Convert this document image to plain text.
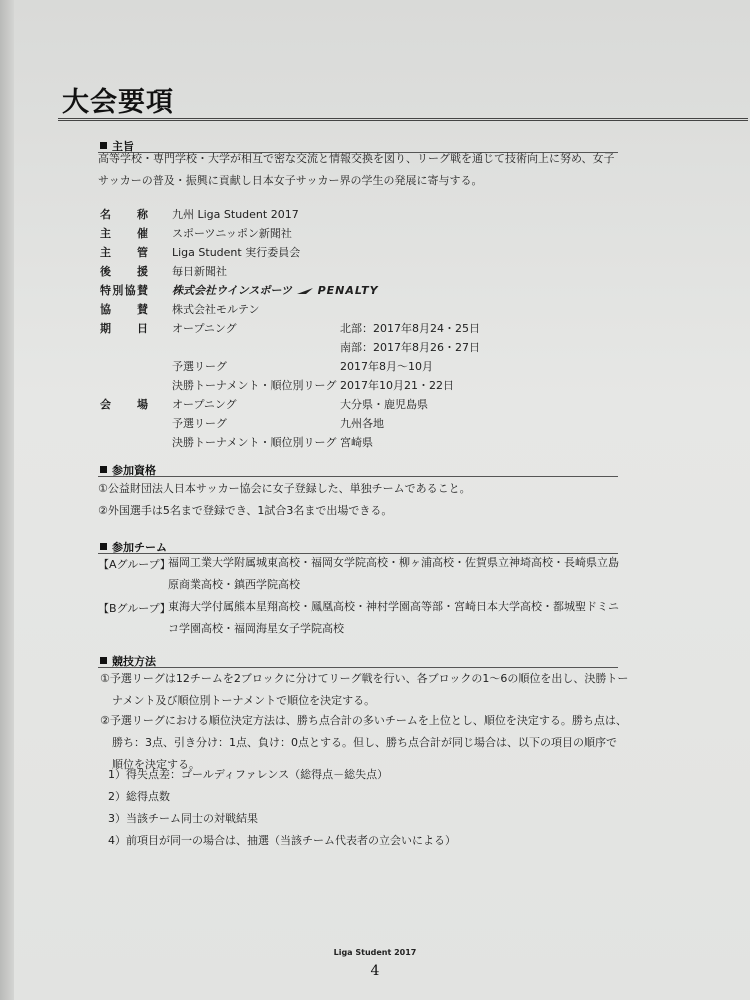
大会要項
主旨
高等学校・専門学校・大学が相互で密な交流と情報交換を図り、リーグ戦を通じて技術向上に努め、女子
サッカーの普及・振興に貢献し日本女子サッカー界の学生の発展に寄与する。
名称 九州 Liga Student 2017
主催 スポーツニッポン新聞社
主管 Liga Student 実行委員会
後援 毎日新聞社
特別協賛 株式会社ウインスポーツ PENALTY
協賛 株式会社モルテン
期日 オープニング	北部：2017年8月24・25日
南部：2017年8月26・27日
予選リーグ	2017年8月～10月
決勝トーナメント・順位別リーグ 2017年10月21・22日
会場 オープニング	大分県・鹿児島県
予選リーグ	九州各地
決勝トーナメント・順位別リーグ 宮崎県
参加資格
①公益財団法人日本サッカー協会に女子登録した、単独チームであること。
②外国選手は5名まで登録でき、1試合3名まで出場できる。
参加チーム
【Aグループ】
福岡工業大学附属城東高校・福岡女学院高校・柳ヶ浦高校・佐賀県立神埼高校・長崎県立島
原商業高校・鎮西学院高校
【Bグループ】
東海大学付属熊本星翔高校・鳳凰高校・神村学園高等部・宮崎日本大学高校・都城聖ドミニ
コ学園高校・福岡海星女子学院高校
競技方法
①予選リーグは12チームを2ブロックに分けてリーグ戦を行い、各ブロックの1～6の順位を出し、決勝トー
ナメント及び順位別トーナメントで順位を決定する。
②予選リーグにおける順位決定方法は、勝ち点合計の多いチームを上位とし、順位を決定する。勝ち点は、
勝ち：3点、引き分け：1点、負け：0点とする。但し、勝ち点合計が同じ場合は、以下の項目の順序で
順位を決定する。
1）得失点差：ゴールディファレンス（総得点－総失点）
2）総得点数
3）当該チーム同士の対戦結果
4）前項目が同一の場合は、抽選（当該チーム代表者の立会いによる）
Liga Student 2017
4
